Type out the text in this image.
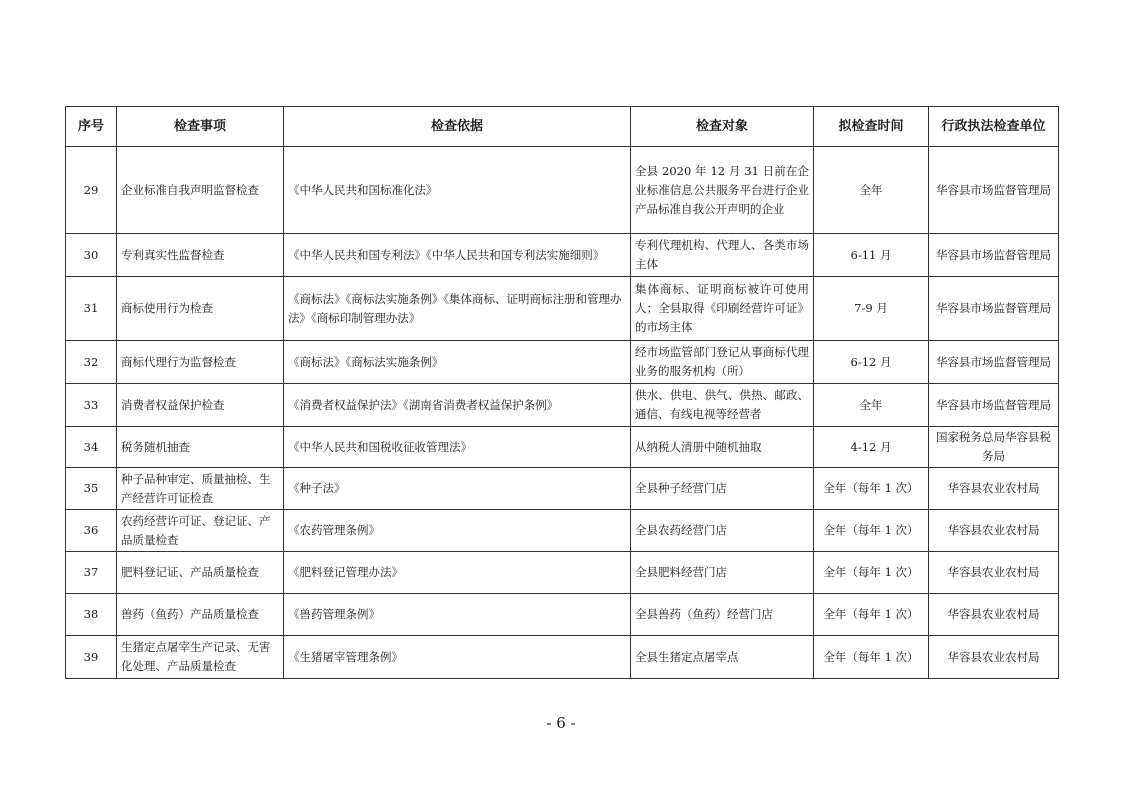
序号	检查事项	检查依据	检查对象	拟检查时间	行政执法检查单位
29	企业标准自我声明监督检查	《中华人民共和国标准化法》	全县 2020 年 12 月 31 日前在企业标准信息公共服务平台进行企业产品标准自我公开声明的企业	全年	华容县市场监督管理局
30	专利真实性监督检查	《中华人民共和国专利法》《中华人民共和国专利法实施细则》	专利代理机构、代理人、各类市场主体	6-11 月	华容县市场监督管理局
31	商标使用行为检查	《商标法》《商标法实施条例》《集体商标、证明商标注册和管理办法》《商标印制管理办法》	集体商标、证明商标被许可使用人；全县取得《印刷经营许可证》的市场主体	7-9 月	华容县市场监督管理局
32	商标代理行为监督检查	《商标法》《商标法实施条例》	经市场监管部门登记从事商标代理业务的服务机构（所）	6-12 月	华容县市场监督管理局
33	消费者权益保护检查	《消费者权益保护法》《湖南省消费者权益保护条例》	供水、供电、供气、供热、邮政、通信、有线电视等经营者	全年	华容县市场监督管理局
34	税务随机抽查	《中华人民共和国税收征收管理法》	从纳税人清册中随机抽取	4-12 月	国家税务总局华容县税务局
35	种子品种审定、质量抽检、生产经营许可证检查	《种子法》	全县种子经营门店	全年（每年 1 次）	华容县农业农村局
36	农药经营许可证、登记证、产品质量检查	《农药管理条例》	全县农药经营门店	全年（每年 1 次）	华容县农业农村局
37	肥料登记证、产品质量检查	《肥料登记管理办法》	全县肥料经营门店	全年（每年 1 次）	华容县农业农村局
38	兽药（鱼药）产品质量检查	《兽药管理条例》	全县兽药（鱼药）经营门店	全年（每年 1 次）	华容县农业农村局
39	生猪定点屠宰生产记录、无害化处理、产品质量检查	《生猪屠宰管理条例》	全县生猪定点屠宰点	全年（每年 1 次）	华容县农业农村局
- 6 -
